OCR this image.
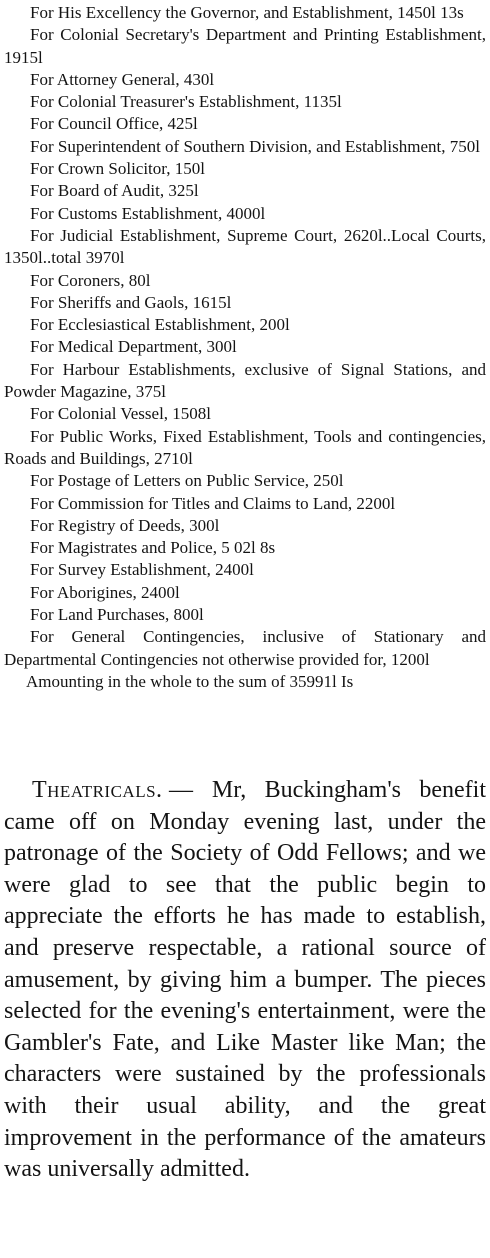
For His Excellency the Governor, and Establishment, 1450l 13s

For Colonial Secretary's Department and Printing Establishment, 1915l

For Attorney General, 430l

For Colonial Treasurer's Establishment, 1135l

For Council Office, 425l

For Superintendent of Southern Division, and Establishment, 750l

For Crown Solicitor, 150l

For Board of Audit, 325l

For Customs Establishment, 4000l

For Judicial Establishment, Supreme Court, 2620l..Local Courts, 1350l..total 3970l

For Coroners, 80l

For Sheriffs and Gaols, 1615l

For Ecclesiastical Establishment, 200l

For Medical Department, 300l

For Harbour Establishments, exclusive of Signal Stations, and Powder Magazine, 375l

For Colonial Vessel, 1508l

For Public Works, Fixed Establishment, Tools and contingencies, Roads and Buildings, 2710l

For Postage of Letters on Public Service, 250l

For Commission for Titles and Claims to Land, 2200l

For Registry of Deeds, 300l

For Magistrates and Police, 5 02l 8s

For Survey Establishment, 2400l

For Aborigines, 2400l

For Land Purchases, 800l

For General Contingencies, inclusive of Stationary and Departmental Contingencies not otherwise provided for, 1200l

Amounting in the whole to the sum of 35991l Is

Theatricals. — Mr, Buckingham's benefit came off on Monday evening last, under the patronage of the Society of Odd Fellows; and we were glad to see that the public begin to appreciate the efforts he has made to establish, and preserve respectable, a rational source of amusement, by giving him a bumper. The pieces selected for the evening's entertainment, were the Gambler's Fate, and Like Master like Man; the characters were sustained by the professionals with their usual ability, and the great improvement in the performance of the amateurs was universally admitted.
